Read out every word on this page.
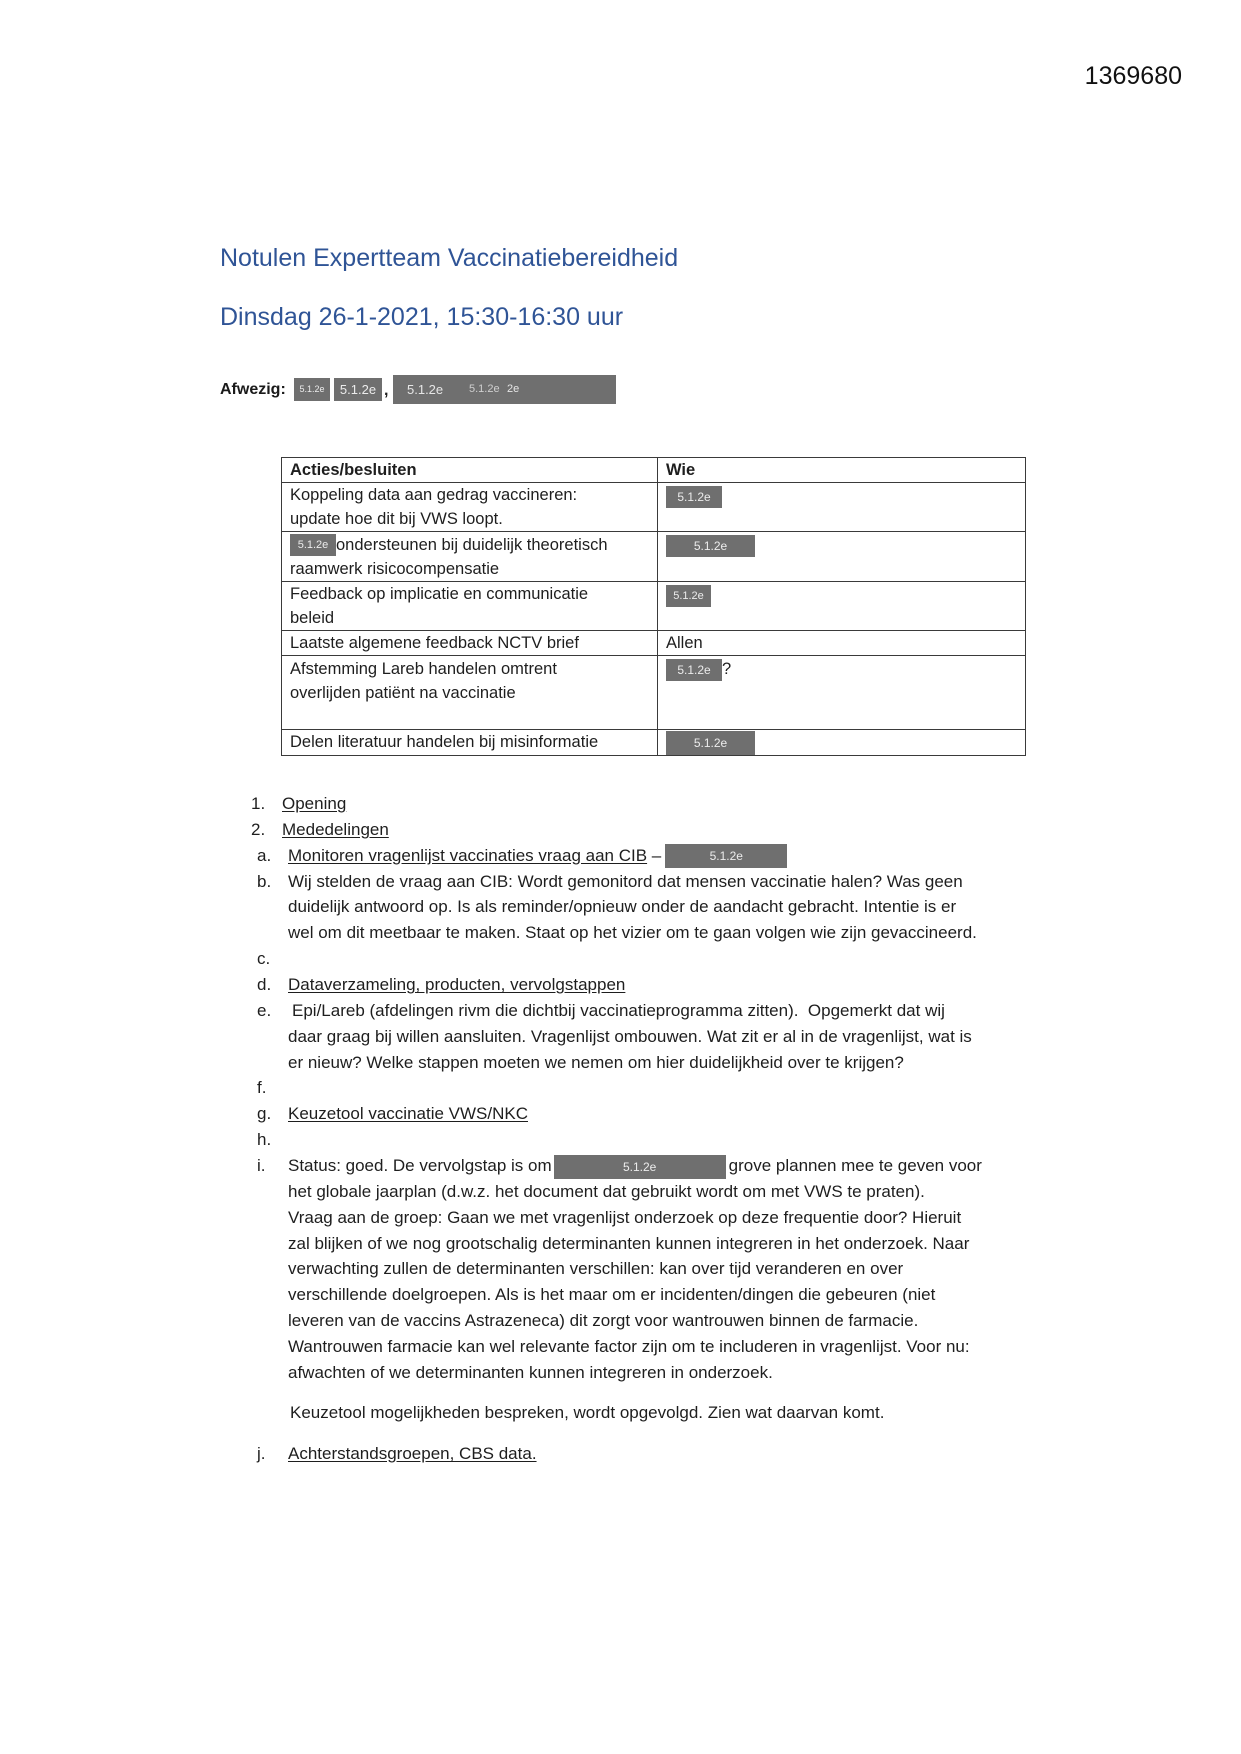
1369680
Notulen Expertteam Vaccinatiebereidheid
Dinsdag 26-1-2021, 15:30-16:30 uur
Afwezig:	5.1.2e	5.1.2e , 5.1.2e 5.1.2e 2e
Acties/besluiten	Wie

Koppeling data aan gedrag vaccineren:
update hoe dit bij VWS loopt.	5.1.2e

5.1.2e ondersteunen bij duidelijk theoretisch
raamwerk risicocompensatie	5.1.2e

Feedback op implicatie en communicatie
beleid	5.1.2e

Laatste algemene feedback NCTV brief	Allen

Afstemming Lareb handelen omtrent
overlijden patiënt na vaccinatie	5.1.2e ?

Delen literatuur handelen bij misinformatie	5.1.2e
1. Opening
2. Mededelingen
a. Monitoren vragenlijst vaccinaties vraag aan CIB –	5.1.2e
b. Wij stelden de vraag aan CIB: Wordt gemonitord dat mensen vaccinatie halen? Was geen
duidelijk antwoord op. Is als reminder/opnieuw onder de aandacht gebracht. Intentie is er
wel om dit meetbaar te maken. Staat op het vizier om te gaan volgen wie zijn gevaccineerd.
c.
d. Dataverzameling, producten, vervolgstappen
e. Epi/Lareb (afdelingen rivm die dichtbij vaccinatieprogramma zitten).  Opgemerkt dat wij
daar graag bij willen aansluiten. Vragenlijst ombouwen. Wat zit er al in de vragenlijst, wat is
er nieuw? Welke stappen moeten we nemen om hier duidelijkheid over te krijgen?
f.
g. Keuzetool vaccinatie VWS/NKC
h.
i. Status: goed. De vervolgstap is om	5.1.2e	grove plannen mee te geven voor
het globale jaarplan (d.w.z. het document dat gebruikt wordt om met VWS te praten).
Vraag aan de groep: Gaan we met vragenlijst onderzoek op deze frequentie door? Hieruit
zal blijken of we nog grootschalig determinanten kunnen integreren in het onderzoek. Naar
verwachting zullen de determinanten verschillen: kan over tijd veranderen en over
verschillende doelgroepen. Als is het maar om er incidenten/dingen die gebeuren (niet
leveren van de vaccins Astrazeneca) dit zorgt voor wantrouwen binnen de farmacie.
Wantrouwen farmacie kan wel relevante factor zijn om te includeren in vragenlijst. Voor nu:
afwachten of we determinanten kunnen integreren in onderzoek.
Keuzetool mogelijkheden bespreken, wordt opgevolgd. Zien wat daarvan komt.
j. Achterstandsgroepen, CBS data.
